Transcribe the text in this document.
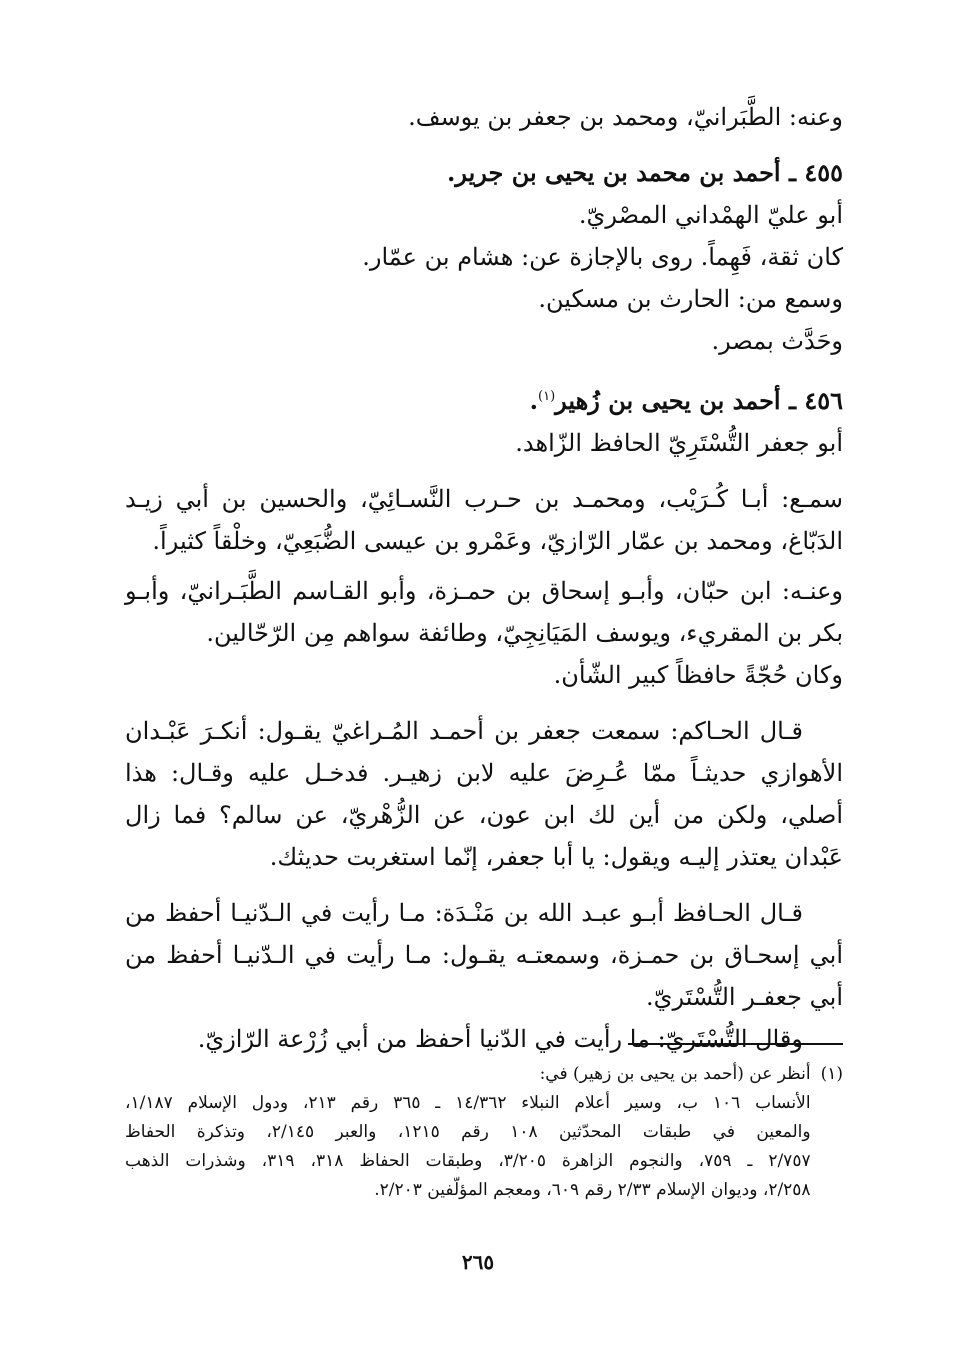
وعنه: الطَّبَرانيّ، ومحمد بن جعفر بن يوسف.

٤٥٥ ـ أحمد بن محمد بن يحيى بن جرير.

أبو عليّ الهمْداني المصْريّ.

كان ثقة، فَهِماً. روى بالإجازة عن: هشام بن عمّار.

وسمع من: الحارث بن مسكين.

وحَدَّث بمصر.

٤٥٦ ـ أحمد بن يحيى بن زُهير$^{(١)}$.

أبو جعفر التُّسْتَرِيّ الحافظ الزّاهد.

سمـع: أبـا كُـرَيْب، ومحمـد بن حـرب النَّسـائِيّ، والحسين بن أبي زيـد الدَبّاغ، ومحمد بن عمّار الرّازيّ، وعَمْرو بن عيسى الضُّبَعِيّ، وخلْقاً كثيراً.

وعنـه: ابن حبّان، وأبـو إسحاق بن حمـزة، وأبو القـاسم الطَّبَـرانيّ، وأبـو بكر بن المقريء، ويوسف المَيَانِجِيّ، وطائفة سواهم مِن الرّحّالين.

وكان حُجّةً حافظاً كبير الشّأن.

قـال الحـاكم: سمعت جعفر بن أحمـد المُـراغيّ يقـول: أنكـرَ عَبْـدان الأهوازي حديثـاً ممّا عُـرِضَ عليه لابن زهيـر. فدخـل عليه وقـال: هذا أصلي، ولكن من أين لك ابن عون، عن الزُّهْريّ، عن سالم؟ فما زال عَبْدان يعتذر إليـه ويقول: يا أبا جعفر، إنّما استغربت حديثك.

قـال الحـافظ أبـو عبـد الله بن مَنْـدَة: مـا رأيت في الـدّنيـا أحفظ من أبي إسحـاق بن حمـزة، وسمعتـه يقـول: مـا رأيت في الـدّنيـا أحفظ من أبي جعفـر التُّسْتَريّ.

وقال التُّسْتَريّ: ما رأيت في الدّنيا أحفظ من أبي زُرْعة الرّازيّ.

(١)

أنظر عن (أحمد بن يحيى بن زهير) في:

الأنساب ١٠٦ ب، وسير أعلام النبلاء ١٤/٣٦٢ ـ ٣٦٥ رقم ٢١٣، ودول الإسلام ١/١٨٧،

والمعين في طبقات المحدّثين ١٠٨ رقم ١٢١٥، والعبر ٢/١٤٥، وتذكرة الحفاظ

٢/٧٥٧ ـ ٧٥٩، والنجوم الزاهرة ٣/٢٠٥، وطبقات الحفاظ ٣١٨، ٣١٩، وشذرات الذهب

٢/٢٥٨، وديوان الإسلام ٢/٣٣ رقم ٦٠٩، ومعجم المؤلّفين ٢/٢٠٣.

٢٦٥
